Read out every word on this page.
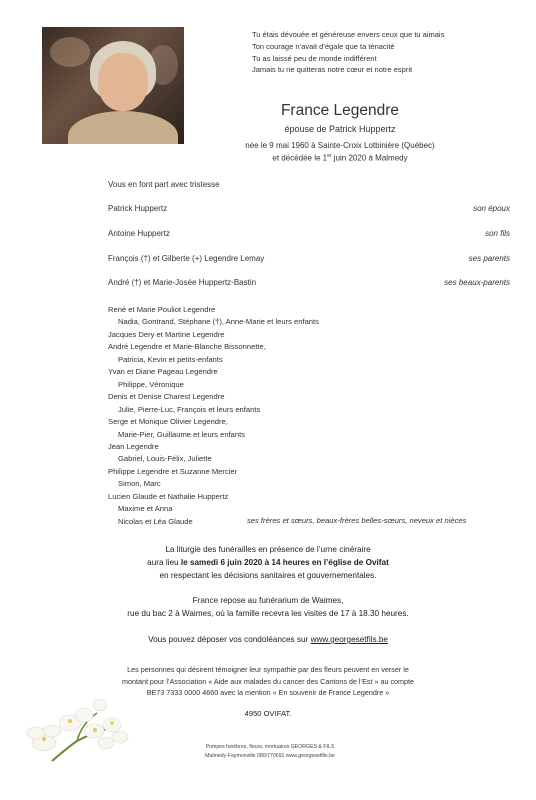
Tu étais dévouée et généreuse envers ceux que tu aimais
Ton courage n’avait d’égale que ta ténacité
Tu as laissé peu de monde indifférent
Jamais tu ne quitteras notre cœur et notre esprit
France Legendre
épouse de Patrick Huppertz
née le 9 mai 1960 à Sainte-Croix Lotbinière (Québec)
et décédée le 1er juin 2020 à Malmedy
Vous en font part avec tristesse
Patrick Huppertz	son époux
Antoine Huppertz	son fils
François (†) et Gilberte (+) Legendre Lemay	ses parents
André (†) et Marie-Josée Huppertz-Bastin	ses beaux-parents
René et Marie Pouliot Legendre
Nadia, Gontrand, Stéphane (†), Anne-Marie et leurs enfants
Jacques Dery et Martine Legendre
André Legendre et Marie-Blanche Bissonnette,
Patricia, Kevin et petits-enfants
Yvan et Diane Pageau Legendre
Philippe, Véronique
Denis et Denise Charest Legendre
Julie, Pierre-Luc, François et leurs enfants
Serge et Monique Olivier Legendre,
Marie-Pier, Guillaume et leurs enfants
Jean Legendre
Gabriel, Louis-Félix, Juliette
Philippe Legendre et Suzanne Mercier
Simon, Marc
Lucien Glaude et Nathalie Huppertz
Maxime et Anna
Nicolas et Léa Glaude	ses frères et sœurs, beaux-frères belles-sœurs, neveux et nièces
La liturgie des funérailles en présence de l’urne cinéraire
aura lieu le samedi 6 juin 2020 à 14 heures en l’église de Ovifat
en respectant les décisions sanitaires et gouvernementales.
France repose au funérarium de Waimes,
rue du bac 2 à Waimes, où la famille recevra les visites de 17 à 18.30 heures.
Vous pouvez déposer vos condoléances sur www.georgesetfils.be
Les personnes qui désirent témoigner leur sympathie par des fleurs peuvent en verser le
montant pour l’Association « Aide aux malades du cancer des Cantons de l’Est » au compte
BE73 7333 0000 4660 avec la mention « En souvenir de France Legendre »
4950 OVIFAT.
Pompes funèbres, fleurs, mortuaires GEORGES & FILS
Malmedy-Faymonville 080/770691 www.georgesetfils.be
